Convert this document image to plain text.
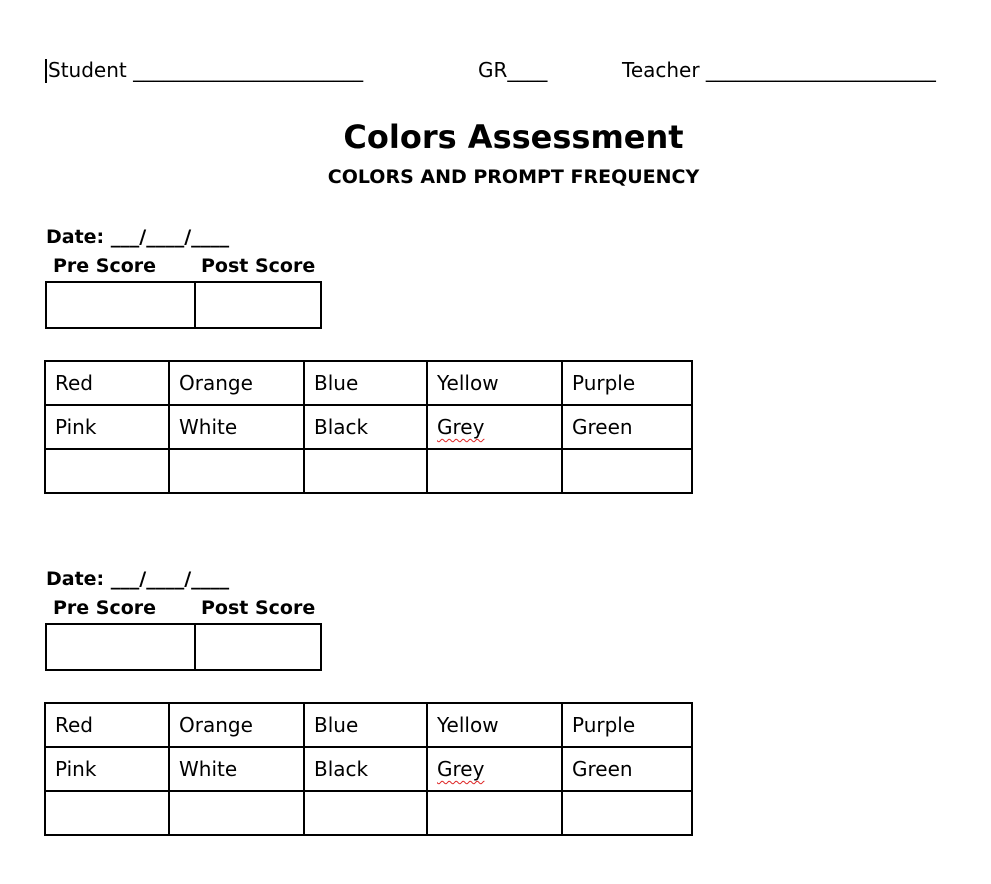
Student _______________________	GR____	Teacher _______________________
Colors Assessment
COLORS AND PROMPT FREQUENCY
Date: ___/____/____
Pre Score Post Score
Red	Orange	Blue	Yellow	Purple
Pink	White	Black	Grey	Green

Date: ___/____/____
Pre Score Post Score
Red	Orange	Blue	Yellow	Purple
Pink	White	Black	Grey	Green
